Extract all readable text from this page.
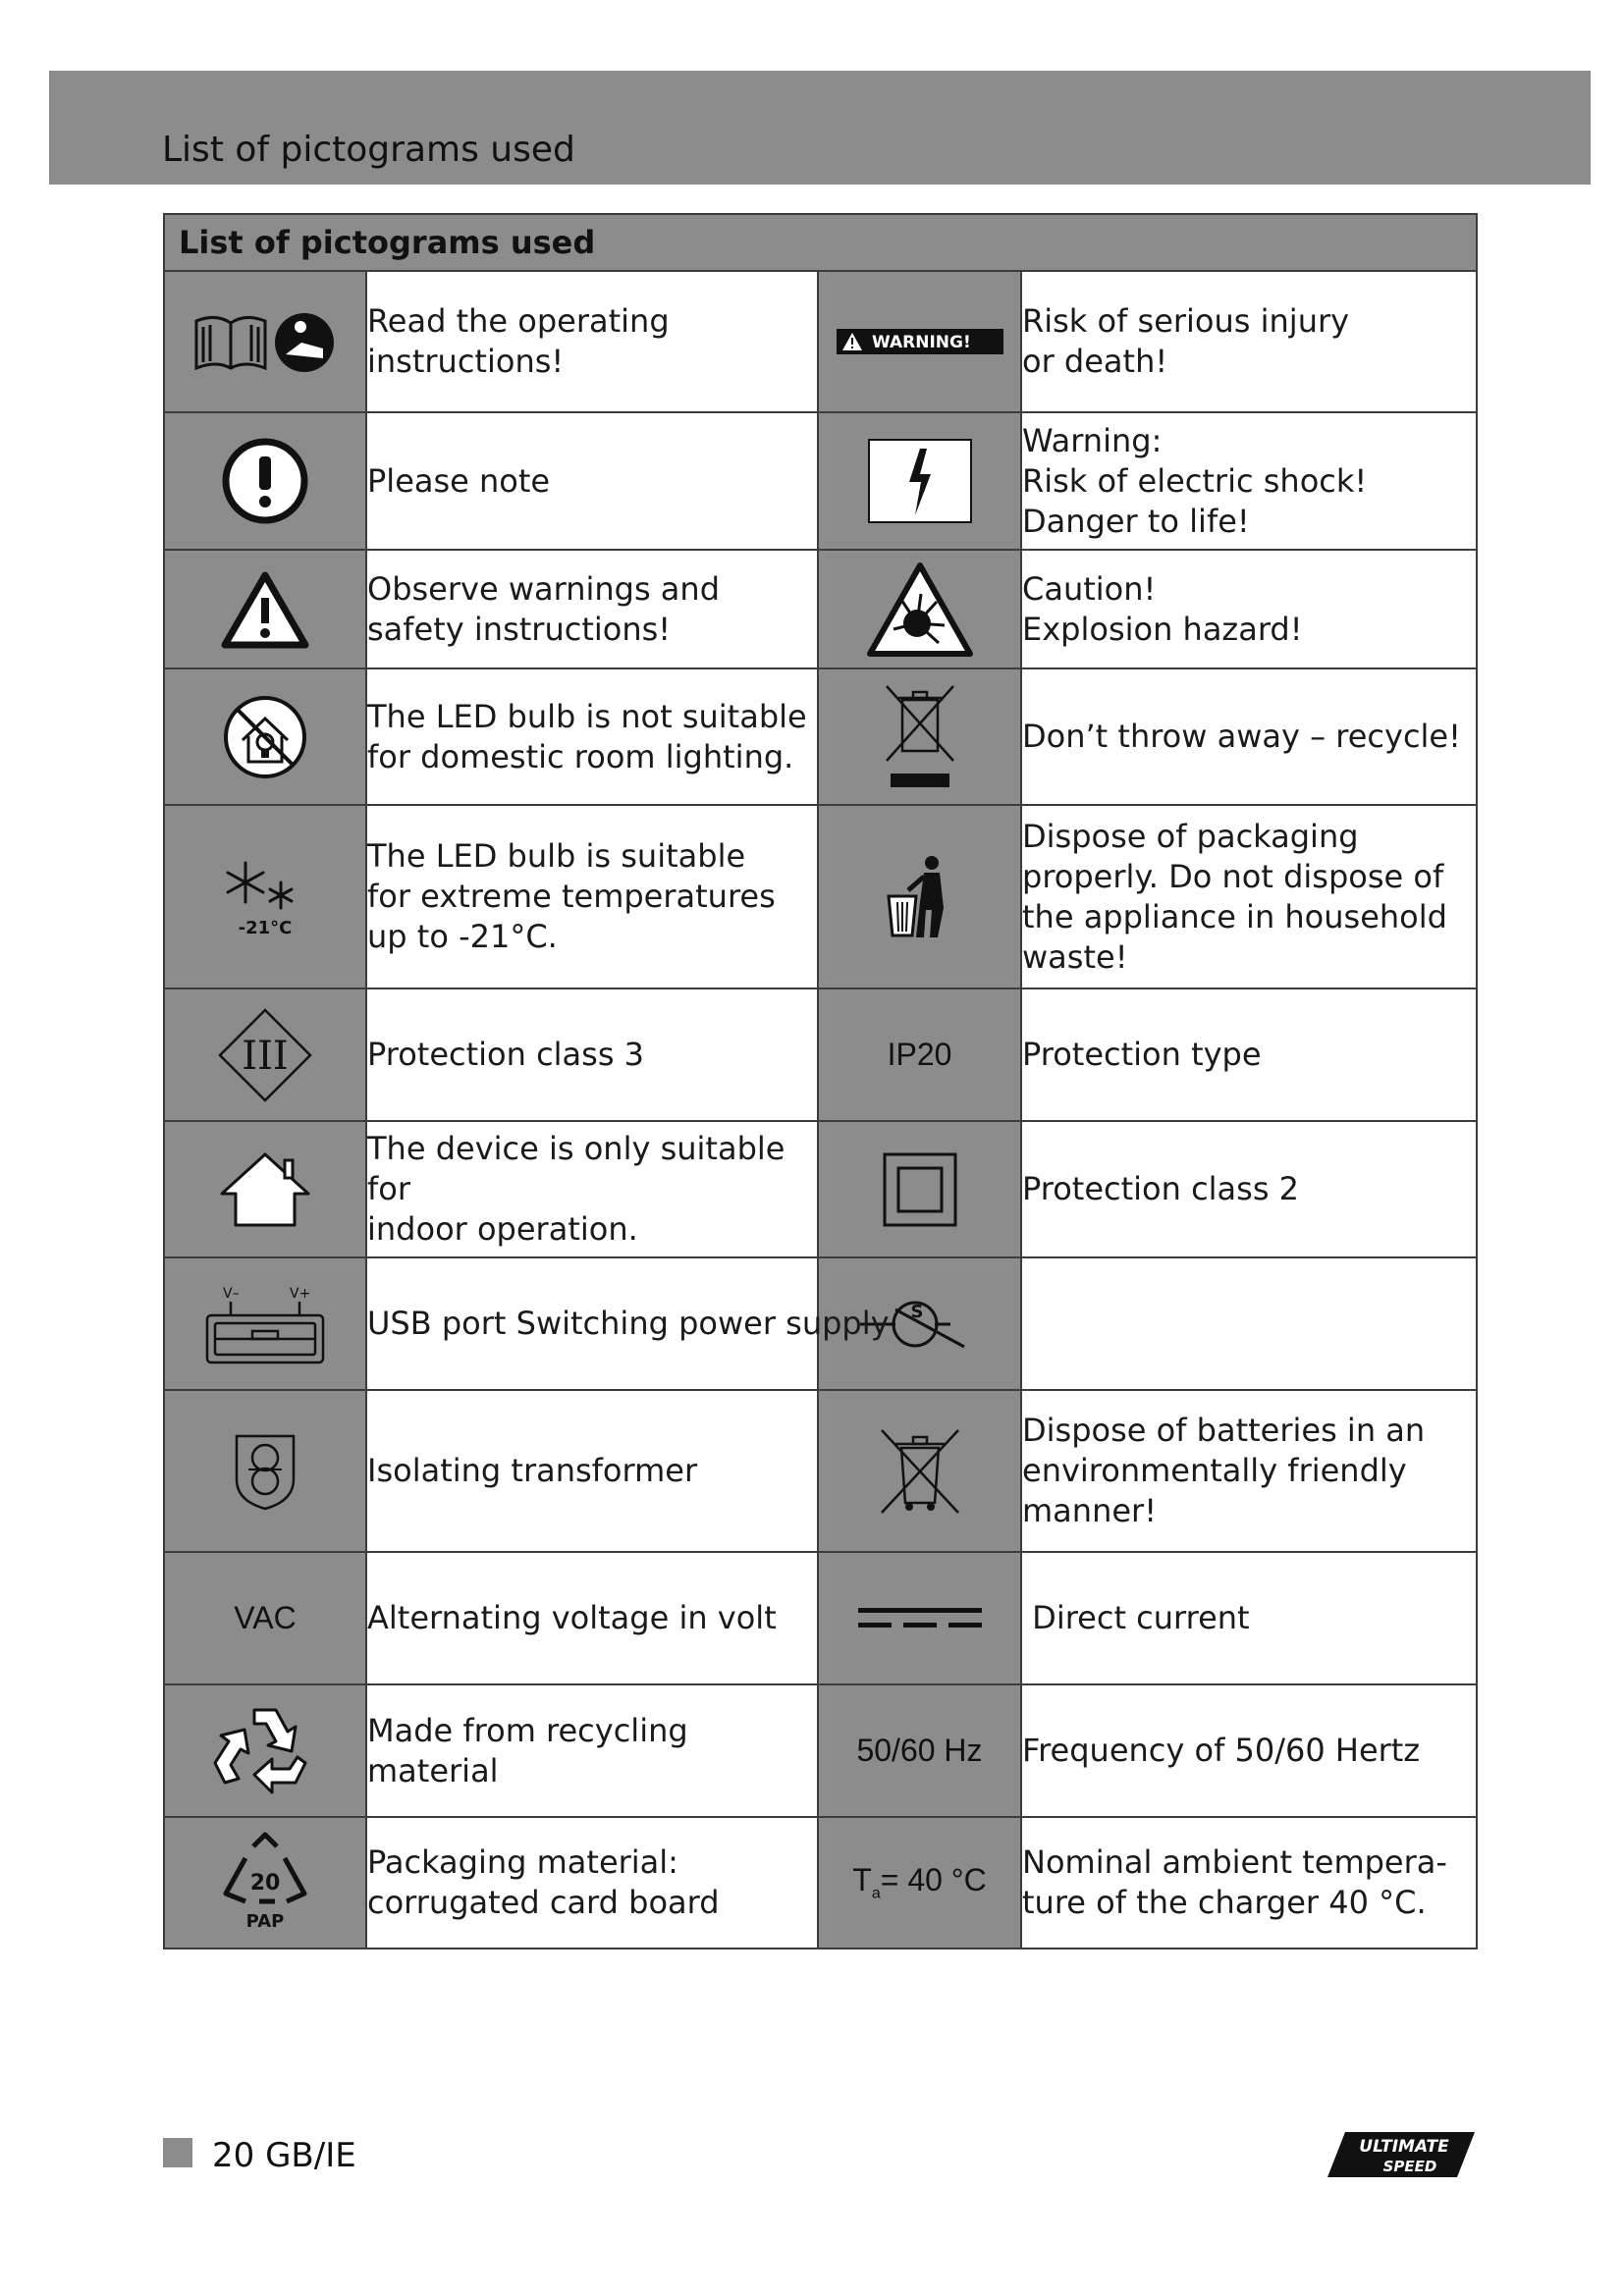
List of pictograms used
List of pictograms used			

	Read the operating
instructions!	WARNING!	Risk of serious injury
or death!

	Please note		Warning:
Risk of electric shock!
Danger to life!

	Observe warnings and
safety instructions!		Caution!
Explosion hazard!

	The LED bulb is not suitable
for domestic room lighting.		Don’t throw away – recycle!

-21°C	The LED bulb is suitable
for extreme temperatures
up to -21°C.		Dispose of packaging
properly. Do not dispose of
the appliance in household
waste!

III	Protection class 3	IP20	Protection type

	The device is only suitable for
indoor operation.		Protection class 2

V– V+	USB port Switching power supply	S	

	Isolating transformer		Dispose of batteries in an
environmentally friendly
manner!
VAC	Alternating voltage in volt		Direct current

	Made from recycling material	50/60 Hz	Frequency of 50/60 Hertz

20
PAP	Packaging material:
corrugated card board	$T_a= 40$ °C	Nominal ambient tempera-
ture of the charger 40 °C.
20 GB/IE	ULTIMATE
SPEED
